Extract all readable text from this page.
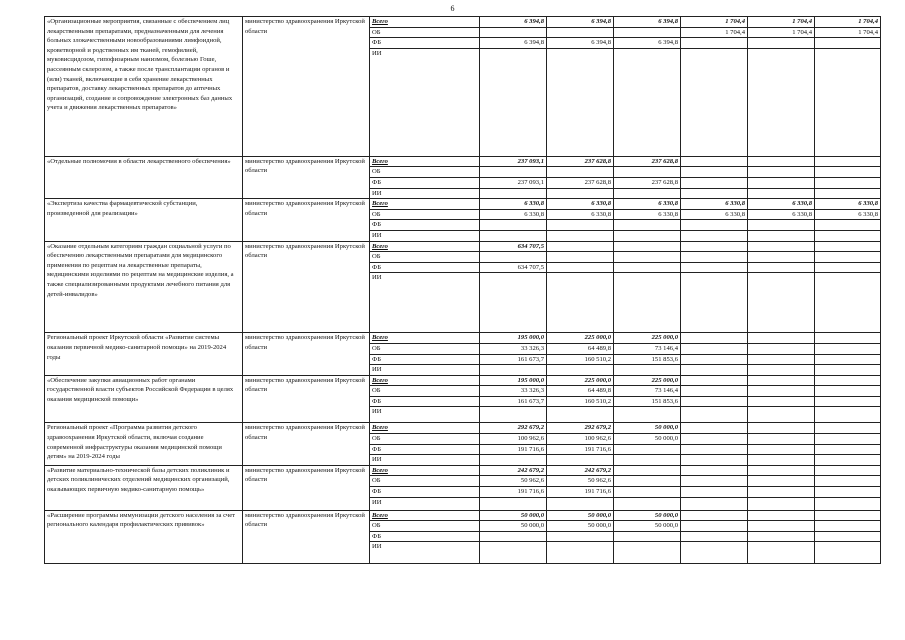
6
«Организационные мероприятия, связанные с обеспечением лиц лекарственными препаратами, предназначенными для лечения больных злокачественными новообразованиями лимфоидной, кроветворной и родственных им тканей, гемофилией, муковисцидозом, гипофизарным нанизмом, болезнью Гоше, рассеянным склерозом, а также после трансплантации органов и (или) тканей, включающие в себя хранение лекарственных препаратов, доставку лекарственных препаратов до аптечных организаций, создание и сопровождение электронных баз данных учета и движения лекарственных препаратов»	министерство здравоохранения Иркутской области	Всего	6 394,8	6 394,8	6 394,8	1 704,4	1 704,4	1 704,4
		ОБ				1 704,4	1 704,4	1 704,4
		ФБ	6 394,8	6 394,8	6 394,8			
		ИИ						
«Отдельные полномочия в области лекарственного обеспечения»	министерство здравоохранения Иркутской области	Всего	237 093,1	237 628,8	237 628,8			
		ОБ						
		ФБ	237 093,1	237 628,8	237 628,8			
		ИИ						
«Экспертиза качества фармацевтической субстанции, произведенной для реализации»	министерство здравоохранения Иркутской области	Всего	6 330,8	6 330,8	6 330,8	6 330,8	6 330,8	6 330,8
		ОБ	6 330,8	6 330,8	6 330,8	6 330,8	6 330,8	6 330,8
		ФБ						
		ИИ						
«Оказание отдельным категориям граждан социальной услуги по обеспечению лекарственными препаратами для медицинского применения по рецептам на лекарственные препараты, медицинскими изделиями по рецептам на медицинские изделия, а также специализированными продуктами лечебного питания для детей-инвалидов»	министерство здравоохранения Иркутской области	Всего	634 707,5					
		ОБ						
		ФБ	634 707,5					
		ИИ						
Региональный проект Иркутской области «Развитие системы оказания первичной медико-санитарной помощи» на 2019-2024 годы	министерство здравоохранения Иркутской области	Всего	195 000,0	225 000,0	225 000,0			
		ОБ	33 326,3	64 489,8	73 146,4			
		ФБ	161 673,7	160 510,2	151 853,6			
		ИИ						
«Обеспечение закупки авиационных работ органами государственной власти субъектов Российской Федерации в целях оказания медицинской помощи»	министерство здравоохранения Иркутской области	Всего	195 000,0	225 000,0	225 000,0			
		ОБ	33 326,3	64 489,8	73 146,4			
		ФБ	161 673,7	160 510,2	151 853,6			
		ИИ						
Региональный проект «Программа развития детского здравоохранения Иркутской области, включая создание современной инфраструктуры оказания медицинской помощи детям» на 2019-2024 годы	министерство здравоохранения Иркутской области	Всего	292 679,2	292 679,2	50 000,0			
		ОБ	100 962,6	100 962,6	50 000,0			
		ФБ	191 716,6	191 716,6				
		ИИ						
«Развитие материально-технической базы детских поликлиник и детских поликлинических отделений медицинских организаций, оказывающих первичную медико-санитарную помощь»	министерство здравоохранения Иркутской области	Всего	242 679,2	242 679,2				
		ОБ	50 962,6	50 962,6				
		ФБ	191 716,6	191 716,6				
		ИИ						
«Расширение программы иммунизации детского населения за счет регионального календаря профилактических прививок»	министерство здравоохранения Иркутской области	Всего	50 000,0	50 000,0	50 000,0			
		ОБ	50 000,0	50 000,0	50 000,0			
		ФБ						
		ИИ						
